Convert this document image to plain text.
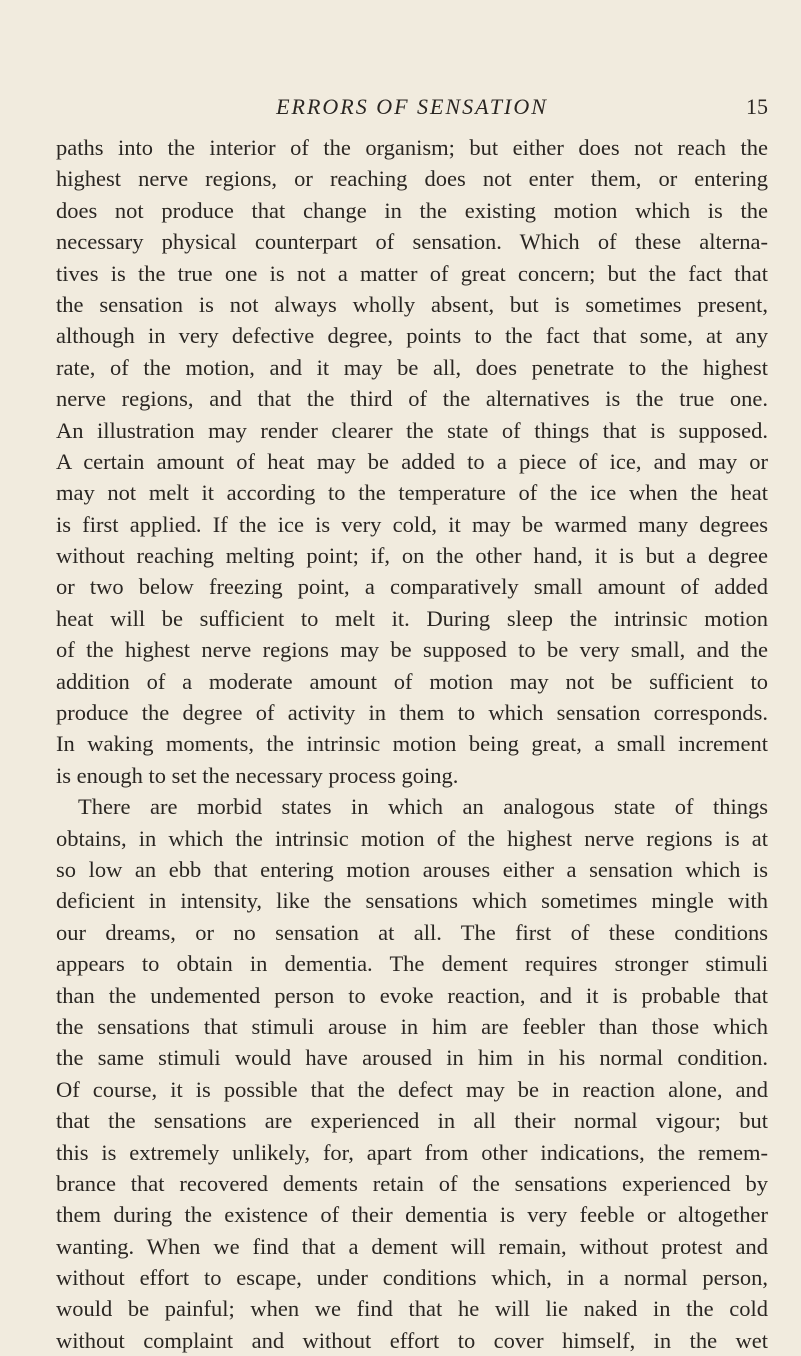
ERRORS OF SENSATION	15
paths into the interior of the organism; but either does not reach the
highest nerve regions, or reaching does not enter them, or entering
does not produce that change in the existing motion which is the
necessary physical counterpart of sensation. Which of these alterna-
tives is the true one is not a matter of great concern; but the fact that
the sensation is not always wholly absent, but is sometimes present,
although in very defective degree, points to the fact that some, at any
rate, of the motion, and it may be all, does penetrate to the highest
nerve regions, and that the third of the alternatives is the true one.
An illustration may render clearer the state of things that is supposed.
A certain amount of heat may be added to a piece of ice, and may or
may not melt it according to the temperature of the ice when the heat
is first applied. If the ice is very cold, it may be warmed many degrees
without reaching melting point; if, on the other hand, it is but a degree
or two below freezing point, a comparatively small amount of added
heat will be sufficient to melt it. During sleep the intrinsic motion
of the highest nerve regions may be supposed to be very small, and the
addition of a moderate amount of motion may not be sufficient to
produce the degree of activity in them to which sensation corresponds.
In waking moments, the intrinsic motion being great, a small increment
is enough to set the necessary process going.
There are morbid states in which an analogous state of things
obtains, in which the intrinsic motion of the highest nerve regions is at
so low an ebb that entering motion arouses either a sensation which is
deficient in intensity, like the sensations which sometimes mingle with
our dreams, or no sensation at all. The first of these conditions
appears to obtain in dementia. The dement requires stronger stimuli
than the undemented person to evoke reaction, and it is probable that
the sensations that stimuli arouse in him are feebler than those which
the same stimuli would have aroused in him in his normal condition.
Of course, it is possible that the defect may be in reaction alone, and
that the sensations are experienced in all their normal vigour; but
this is extremely unlikely, for, apart from other indications, the remem-
brance that recovered dements retain of the sensations experienced by
them during the existence of their dementia is very feeble or altogether
wanting. When we find that a dement will remain, without protest and
without effort to escape, under conditions which, in a normal person,
would be painful; when we find that he will lie naked in the cold
without complaint and without effort to cover himself, in the wet
